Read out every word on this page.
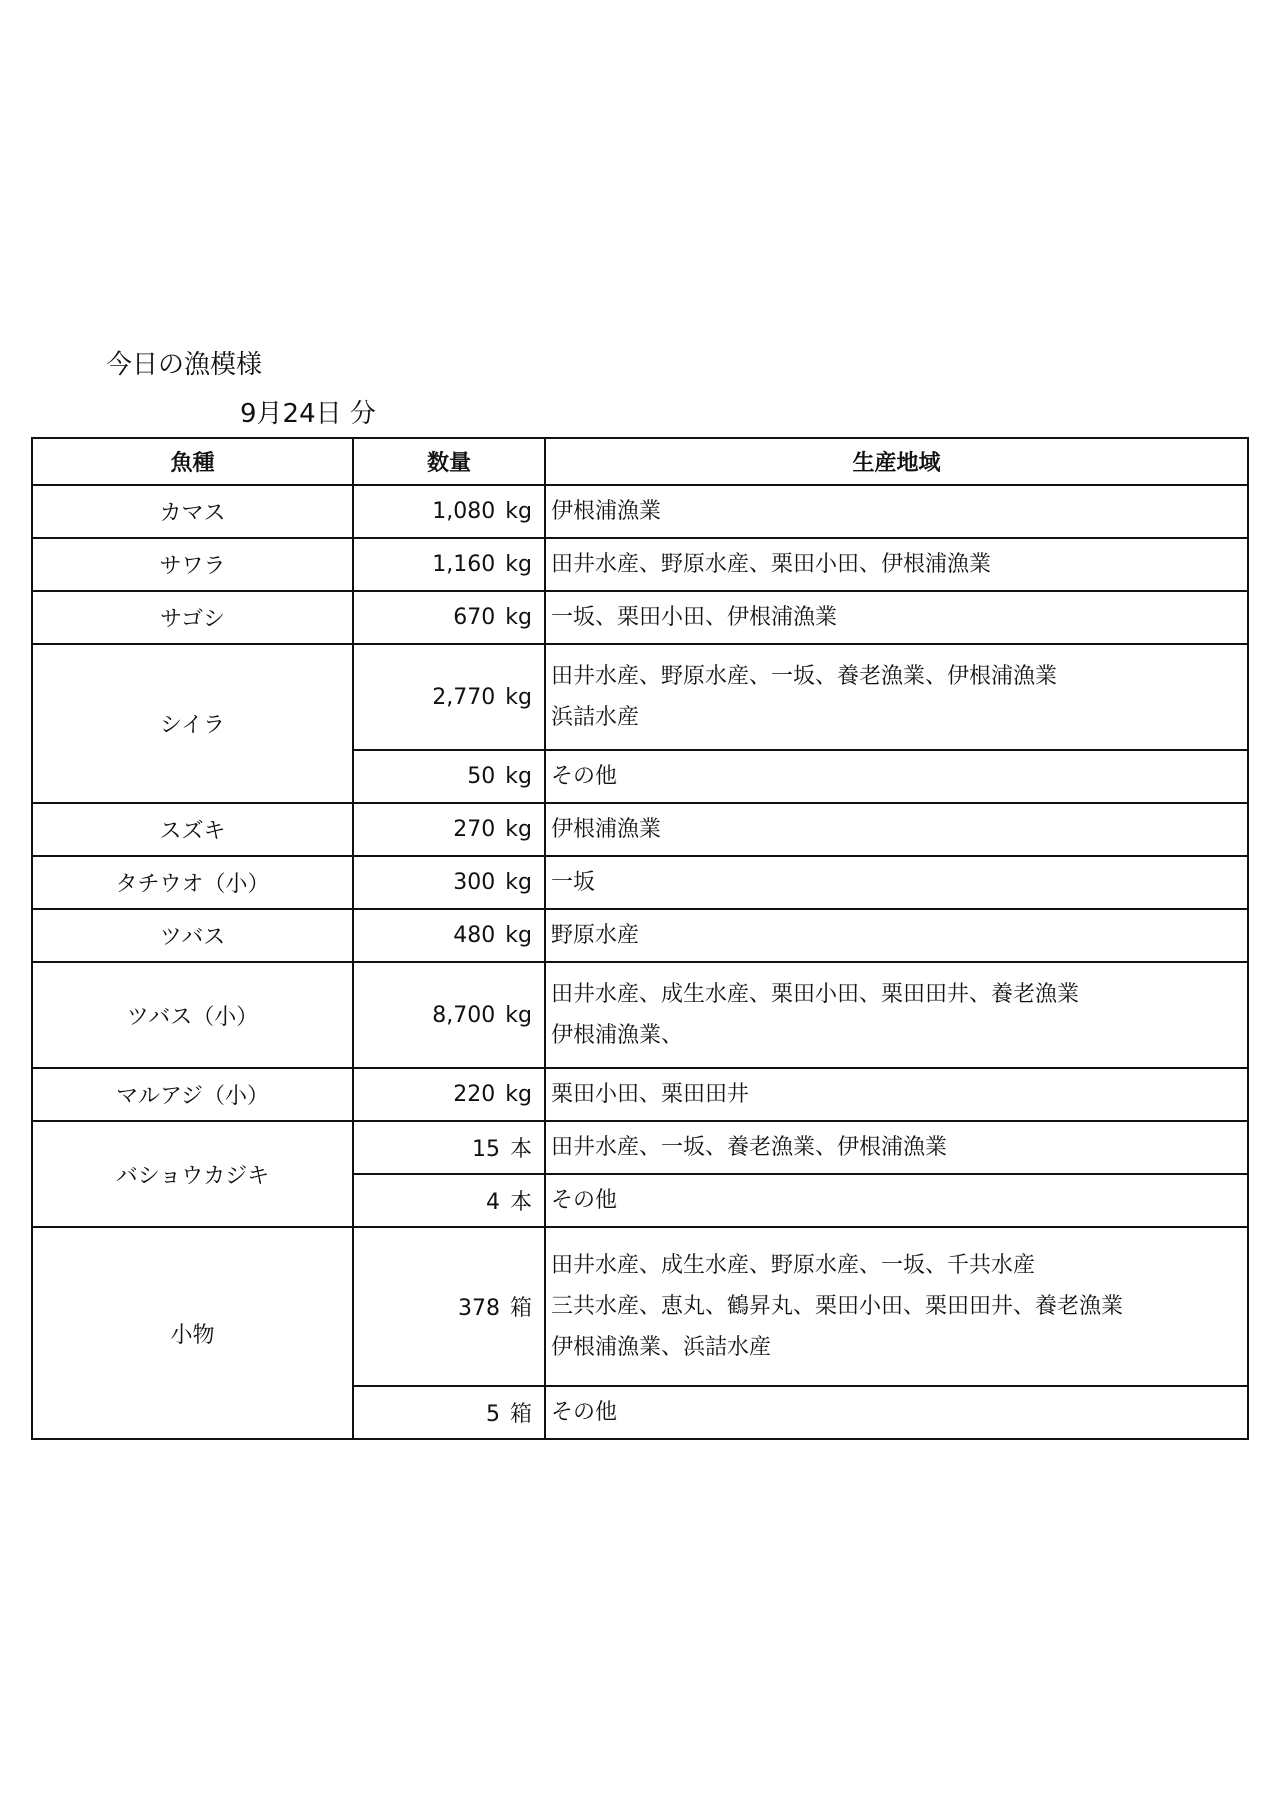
今日の漁模様
9月24日 分
魚種	数量	生産地域
カマス	1,080 kg	伊根浦漁業

サワラ	1,160 kg	田井水産、野原水産、栗田小田、伊根浦漁業

サゴシ	670 kg	一坂、栗田小田、伊根浦漁業

シイラ	2,770 kg	田井水産、野原水産、一坂、養老漁業、伊根浦漁業
浜詰水産

	50 kg	その他

スズキ	270 kg	伊根浦漁業

タチウオ（小）	300 kg	一坂

ツバス	480 kg	野原水産

ツバス（小）	8,700 kg	田井水産、成生水産、栗田小田、栗田田井、養老漁業
伊根浦漁業、

マルアジ（小）	220 kg	栗田小田、栗田田井

バショウカジキ	15 本	田井水産、一坂、養老漁業、伊根浦漁業

	4 本	その他

小物	378 箱	田井水産、成生水産、野原水産、一坂、千共水産
三共水産、恵丸、鶴昇丸、栗田小田、栗田田井、養老漁業
伊根浦漁業、浜詰水産

	5 箱	その他
